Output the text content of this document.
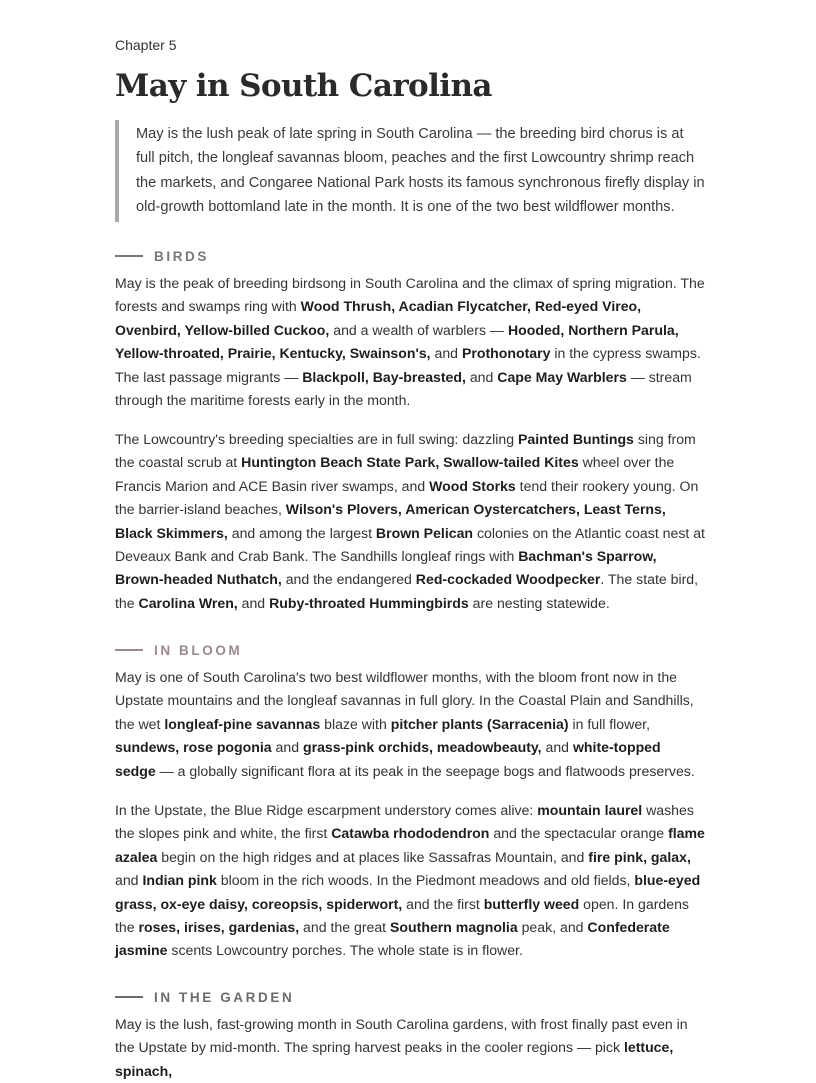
Chapter 5
May in South Carolina
May is the lush peak of late spring in South Carolina — the breeding bird chorus is at full pitch, the longleaf savannas bloom, peaches and the first Lowcountry shrimp reach the markets, and Congaree National Park hosts its famous synchronous firefly display in old-growth bottomland late in the month. It is one of the two best wildflower months.
BIRDS

May is the peak of breeding birdsong in South Carolina and the climax of spring migration. The forests and swamps ring with Wood Thrush, Acadian Flycatcher, Red-eyed Vireo, Ovenbird, Yellow-billed Cuckoo, and a wealth of warblers — Hooded, Northern Parula, Yellow-throated, Prairie, Kentucky, Swainson's, and Prothonotary in the cypress swamps. The last passage migrants — Blackpoll, Bay-breasted, and Cape May Warblers — stream through the maritime forests early in the month.

The Lowcountry's breeding specialties are in full swing: dazzling Painted Buntings sing from the coastal scrub at Huntington Beach State Park, Swallow-tailed Kites wheel over the Francis Marion and ACE Basin river swamps, and Wood Storks tend their rookery young. On the barrier-island beaches, Wilson's Plovers, American Oystercatchers, Least Terns, Black Skimmers, and among the largest Brown Pelican colonies on the Atlantic coast nest at Deveaux Bank and Crab Bank. The Sandhills longleaf rings with Bachman's Sparrow, Brown-headed Nuthatch, and the endangered Red-cockaded Woodpecker. The state bird, the Carolina Wren, and Ruby-throated Hummingbirds are nesting statewide.

IN BLOOM

May is one of South Carolina's two best wildflower months, with the bloom front now in the Upstate mountains and the longleaf savannas in full glory. In the Coastal Plain and Sandhills, the wet longleaf-pine savannas blaze with pitcher plants (Sarracenia) in full flower, sundews, rose pogonia and grass-pink orchids, meadowbeauty, and white-topped sedge — a globally significant flora at its peak in the seepage bogs and flatwoods preserves.

In the Upstate, the Blue Ridge escarpment understory comes alive: mountain laurel washes the slopes pink and white, the first Catawba rhododendron and the spectacular orange flame azalea begin on the high ridges and at places like Sassafras Mountain, and fire pink, galax, and Indian pink bloom in the rich woods. In the Piedmont meadows and old fields, blue-eyed grass, ox-eye daisy, coreopsis, spiderwort, and the first butterfly weed open. In gardens the roses, irises, gardenias, and the great Southern magnolia peak, and Confederate jasmine scents Lowcountry porches. The whole state is in flower.

IN THE GARDEN

May is the lush, fast-growing month in South Carolina gardens, with frost finally past even in the Upstate by mid-month. The spring harvest peaks in the cooler regions — pick lettuce, spinach,
